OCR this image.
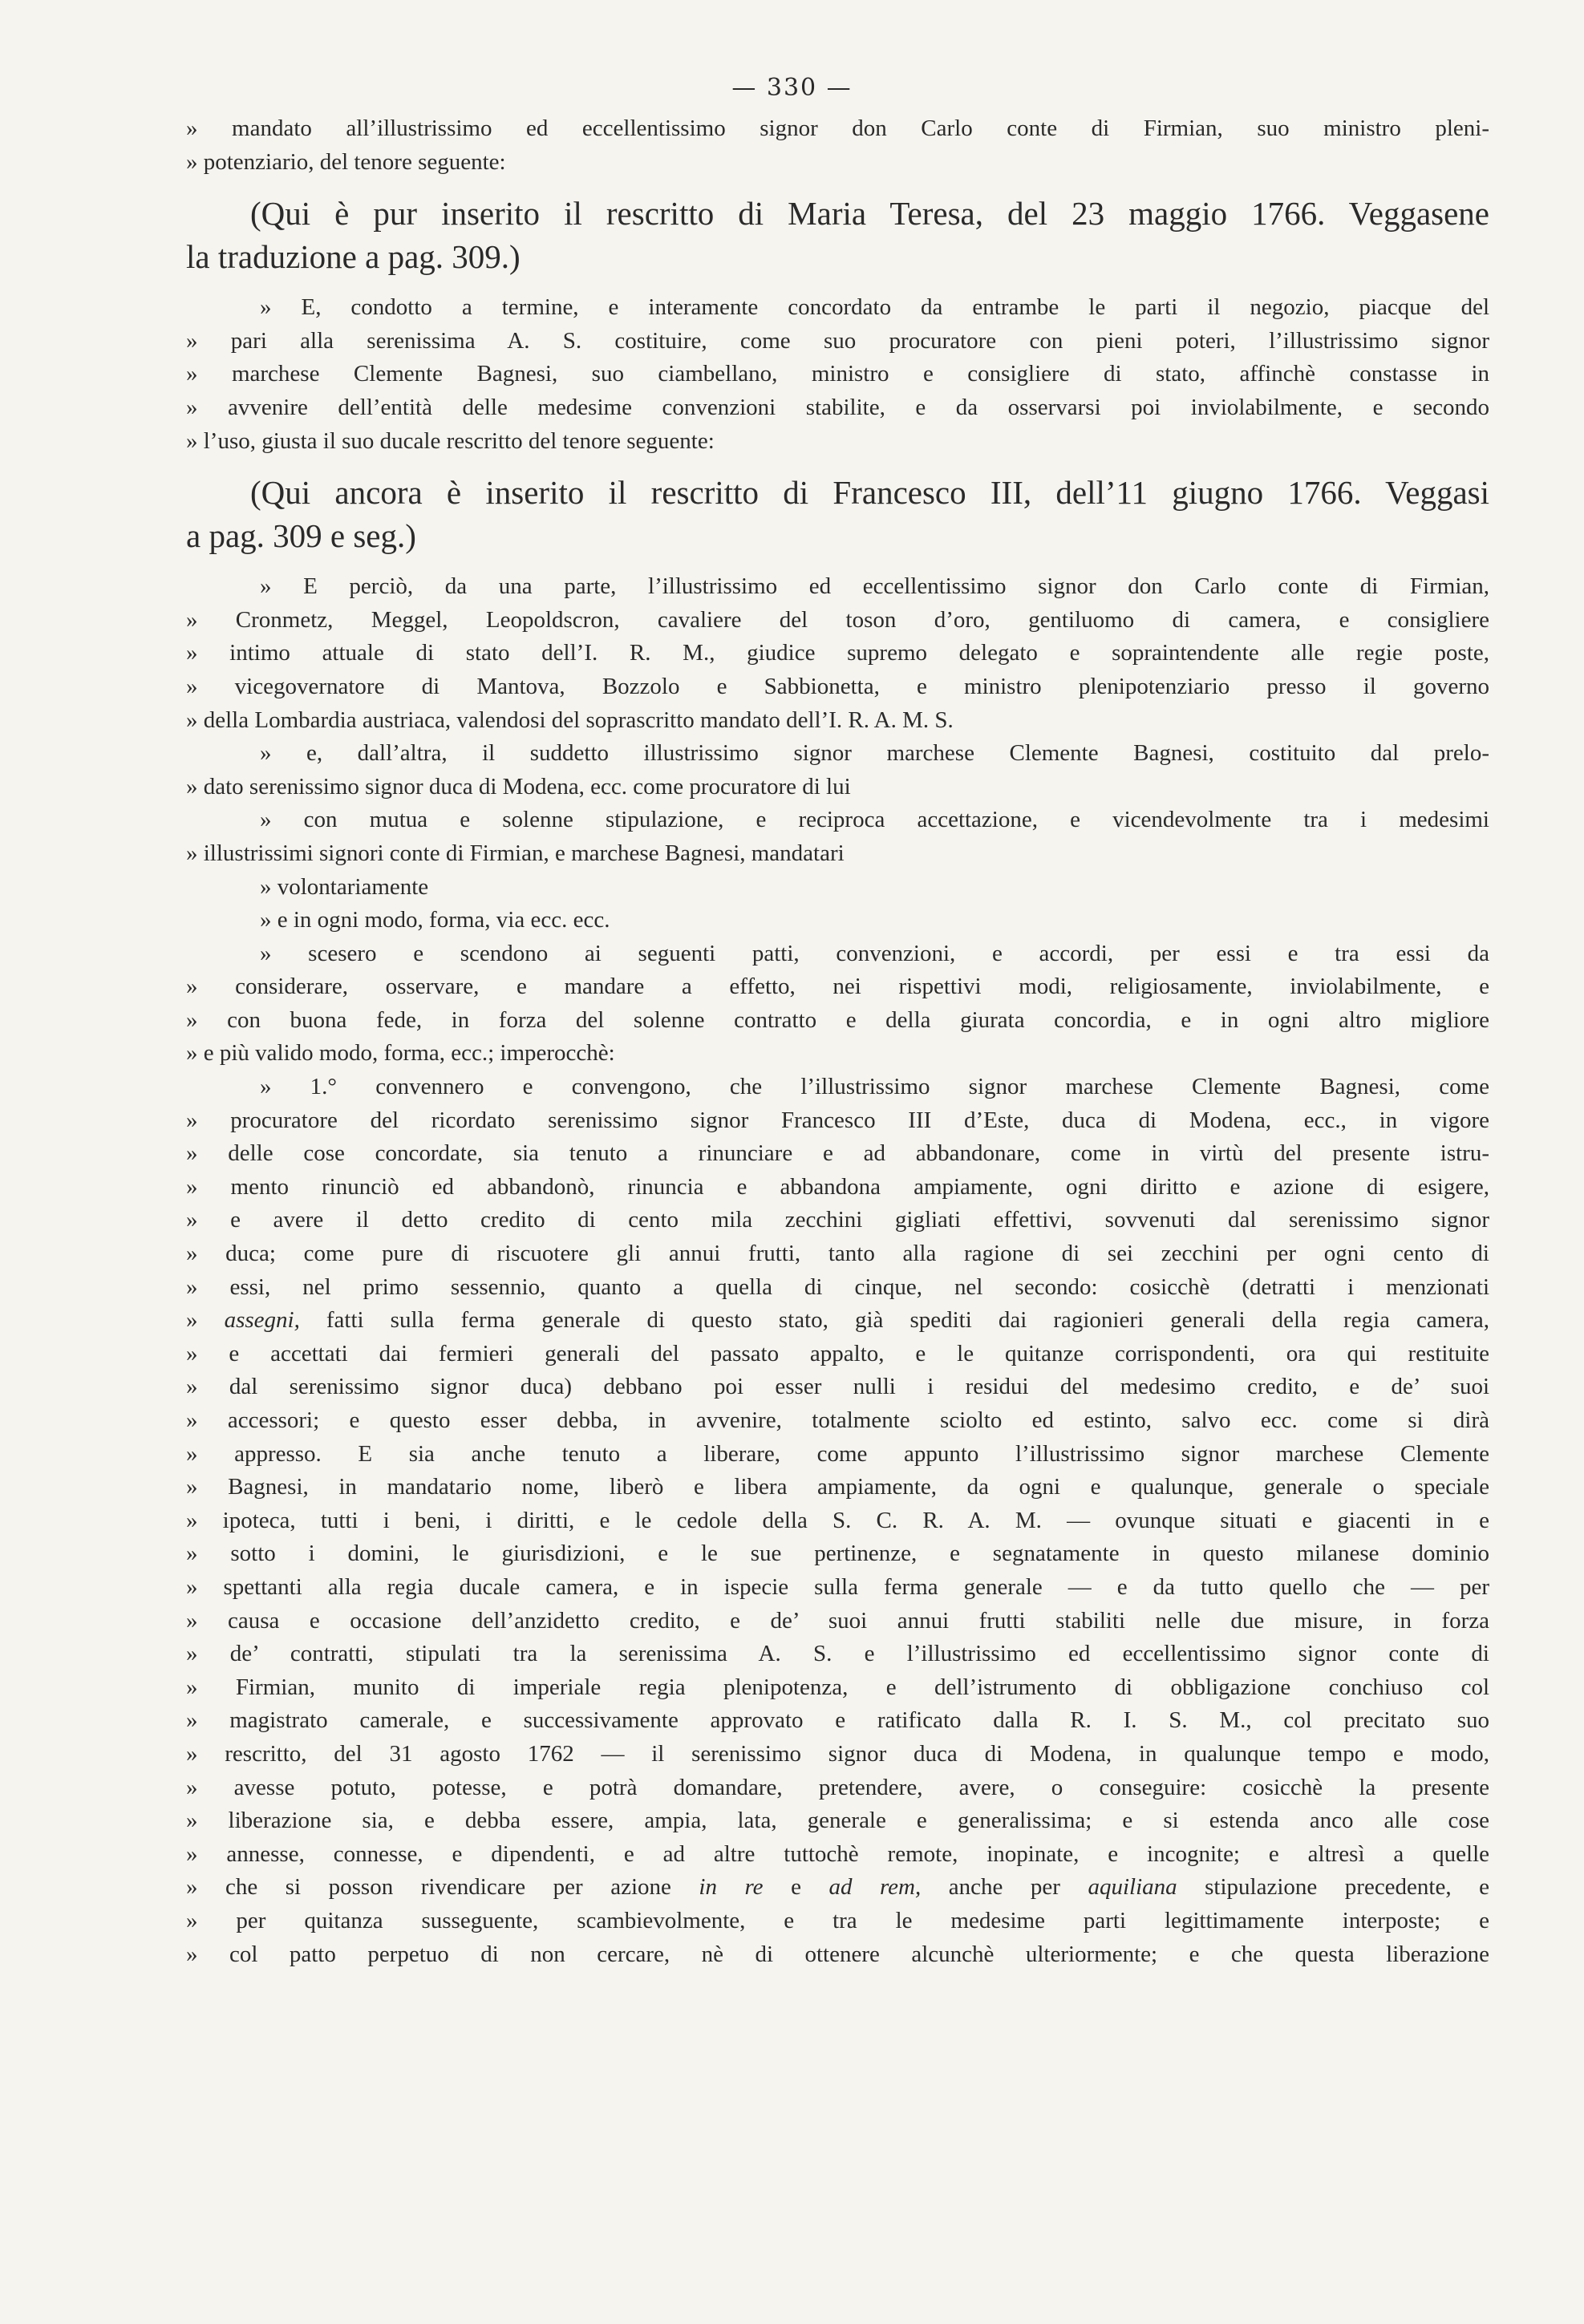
— 330 —
» mandato all’illustrissimo ed eccellentissimo signor don Carlo conte di Firmian, suo ministro pleni-
» potenziario, del tenore seguente:
(Qui è pur inserito il rescritto di Maria Teresa, del 23 maggio 1766. Veggasene
la traduzione a pag. 309.)
» E, condotto a termine, e interamente concordato da entrambe le parti il negozio, piacque del
» pari alla serenissima A. S. costituire, come suo procuratore con pieni poteri, l’illustrissimo signor
» marchese Clemente Bagnesi, suo ciambellano, ministro e consigliere di stato, affinchè constasse in
» avvenire dell’entità delle medesime convenzioni stabilite, e da osservarsi poi inviolabilmente, e secondo
» l’uso, giusta il suo ducale rescritto del tenore seguente:
(Qui ancora è inserito il rescritto di Francesco III, dell’11 giugno 1766. Veggasi
a pag. 309 e seg.)
» E perciò, da una parte, l’illustrissimo ed eccellentissimo signor don Carlo conte di Firmian,
» Cronmetz, Meggel, Leopoldscron, cavaliere del toson d’oro, gentiluomo di camera, e consigliere
» intimo attuale di stato dell’I. R. M., giudice supremo delegato e sopraintendente alle regie poste,
» vicegovernatore di Mantova, Bozzolo e Sabbionetta, e ministro plenipotenziario presso il governo
» della Lombardia austriaca, valendosi del soprascritto mandato dell’I. R. A. M. S.
» e, dall’altra, il suddetto illustrissimo signor marchese Clemente Bagnesi, costituito dal prelo-
» dato serenissimo signor duca di Modena, ecc. come procuratore di lui
» con mutua e solenne stipulazione, e reciproca accettazione, e vicendevolmente tra i medesimi
» illustrissimi signori conte di Firmian, e marchese Bagnesi, mandatari
» volontariamente
» e in ogni modo, forma, via ecc. ecc.
» scesero e scendono ai seguenti patti, convenzioni, e accordi, per essi e tra essi da
» considerare, osservare, e mandare a effetto, nei rispettivi modi, religiosamente, inviolabilmente, e
» con buona fede, in forza del solenne contratto e della giurata concordia, e in ogni altro migliore
» e più valido modo, forma, ecc.; imperocchè:
» 1.° convennero e convengono, che l’illustrissimo signor marchese Clemente Bagnesi, come
» procuratore del ricordato serenissimo signor Francesco III d’Este, duca di Modena, ecc., in vigore
» delle cose concordate, sia tenuto a rinunciare e ad abbandonare, come in virtù del presente istru-
» mento rinunciò ed abbandonò, rinuncia e abbandona ampiamente, ogni diritto e azione di esigere,
» e avere il detto credito di cento mila zecchini gigliati effettivi, sovvenuti dal serenissimo signor
» duca; come pure di riscuotere gli annui frutti, tanto alla ragione di sei zecchini per ogni cento di
» essi, nel primo sessennio, quanto a quella di cinque, nel secondo: cosicchè (detratti i menzionati
» assegni, fatti sulla ferma generale di questo stato, già spediti dai ragionieri generali della regia camera,
» e accettati dai fermieri generali del passato appalto, e le quitanze corrispondenti, ora qui restituite
» dal serenissimo signor duca) debbano poi esser nulli i residui del medesimo credito, e de’ suoi
» accessori; e questo esser debba, in avvenire, totalmente sciolto ed estinto, salvo ecc. come si dirà
» appresso. E sia anche tenuto a liberare, come appunto l’illustrissimo signor marchese Clemente
» Bagnesi, in mandatario nome, liberò e libera ampiamente, da ogni e qualunque, generale o speciale
» ipoteca, tutti i beni, i diritti, e le cedole della S. C. R. A. M. — ovunque situati e giacenti in e
» sotto i domini, le giurisdizioni, e le sue pertinenze, e segnatamente in questo milanese dominio
» spettanti alla regia ducale camera, e in ispecie sulla ferma generale — e da tutto quello che — per
» causa e occasione dell’anzidetto credito, e de’ suoi annui frutti stabiliti nelle due misure, in forza
» de’ contratti, stipulati tra la serenissima A. S. e l’illustrissimo ed eccellentissimo signor conte di
» Firmian, munito di imperiale regia plenipotenza, e dell’istrumento di obbligazione conchiuso col
» magistrato camerale, e successivamente approvato e ratificato dalla R. I. S. M., col precitato suo
» rescritto, del 31 agosto 1762 — il serenissimo signor duca di Modena, in qualunque tempo e modo,
» avesse potuto, potesse, e potrà domandare, pretendere, avere, o conseguire: cosicchè la presente
» liberazione sia, e debba essere, ampia, lata, generale e generalissima; e si estenda anco alle cose
» annesse, connesse, e dipendenti, e ad altre tuttochè remote, inopinate, e incognite; e altresì a quelle
» che si posson rivendicare per azione in re e ad rem, anche per aquiliana stipulazione precedente, e
» per quitanza susseguente, scambievolmente, e tra le medesime parti legittimamente interposte; e
» col patto perpetuo di non cercare, nè di ottenere alcunchè ulteriormente; e che questa liberazione
